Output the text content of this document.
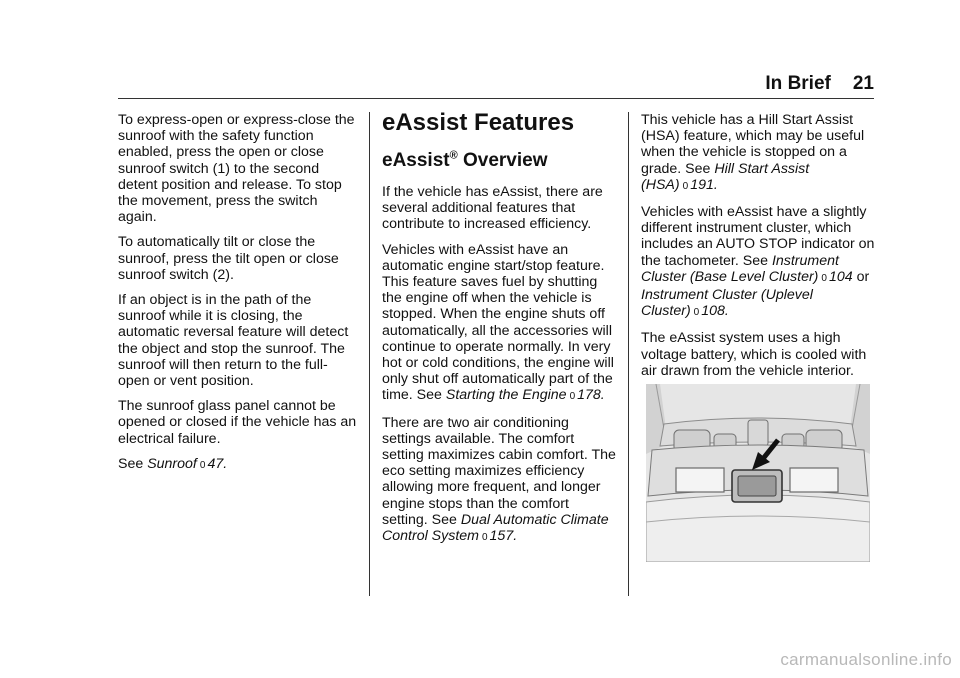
In Brief 21

To express-open or express-close the sunroof with the safety function enabled, press the open or close sunroof switch (1) to the second detent position and release. To stop the movement, press the switch again.

To automatically tilt or close the sunroof, press the tilt open or close sunroof switch (2).

If an object is in the path of the sunroof while it is closing, the automatic reversal feature will detect the object and stop the sunroof. The sunroof will then return to the full-open or vent position.

The sunroof glass panel cannot be opened or closed if the vehicle has an electrical failure.

See Sunroof 0 47.

eAssist Features
eAssist® Overview

If the vehicle has eAssist, there are several additional features that contribute to increased efficiency.

Vehicles with eAssist have an automatic engine start/stop feature. This feature saves fuel by shutting the engine off when the vehicle is stopped. When the engine shuts off automatically, all the accessories will continue to operate normally. In very hot or cold conditions, the engine will only shut off automatically part of the time. See Starting the Engine 0 178.

There are two air conditioning settings available. The comfort setting maximizes cabin comfort. The eco setting maximizes efficiency allowing more frequent, and longer engine stops than the comfort setting. See Dual Automatic Climate Control System 0 157.

This vehicle has a Hill Start Assist (HSA) feature, which may be useful when the vehicle is stopped on a grade. See Hill Start Assist (HSA) 0 191.

Vehicles with eAssist have a slightly different instrument cluster, which includes an AUTO STOP indicator on the tachometer. See Instrument Cluster (Base Level Cluster) 0 104 or Instrument Cluster (Uplevel Cluster) 0 108.

The eAssist system uses a high voltage battery, which is cooled with air drawn from the vehicle interior.

carmanualsonline.info
